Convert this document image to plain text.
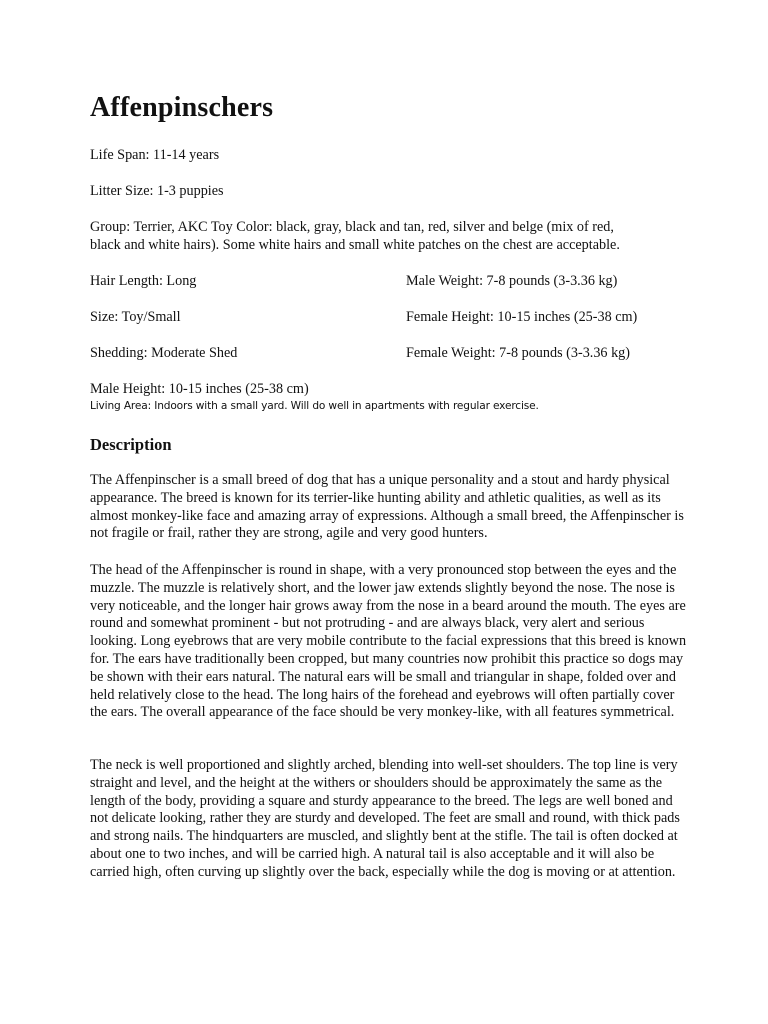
Affenpinschers

Life Span: 11-14 years

Litter Size: 1-3 puppies

Group: Terrier, AKC Toy Color: black, gray, black and tan, red, silver and belge (mix of red,

black and white hairs). Some white hairs and small white patches on the chest are acceptable.

Hair Length: Long	Male Weight: 7-8 pounds (3-3.36 kg)

Size: Toy/Small	Female Height: 10-15 inches (25-38 cm)

Shedding: Moderate Shed	Female Weight: 7-8 pounds (3-3.36 kg)

Male Height: 10-15 inches (25-38 cm)

Living Area: Indoors with a small yard. Will do well in apartments with regular exercise.

Description

The Affenpinscher is a small breed of dog that has a unique personality and a stout and hardy physical appearance. The breed is known for its terrier-like hunting ability and athletic qualities, as well as its almost monkey-like face and amazing array of expressions. Although a small breed, the Affenpinscher is not fragile or frail, rather they are strong, agile and very good hunters.

The head of the Affenpinscher is round in shape, with a very pronounced stop between the eyes and the muzzle. The muzzle is relatively short, and the lower jaw extends slightly beyond the nose. The nose is very noticeable, and the longer hair grows away from the nose in a beard around the mouth. The eyes are round and somewhat prominent - but not protruding - and are always black, very alert and serious looking. Long eyebrows that are very mobile contribute to the facial expressions that this breed is known for. The ears have traditionally been cropped, but many countries now prohibit this practice so dogs may be shown with their ears natural. The natural ears will be small and triangular in shape, folded over and held relatively close to the head. The long hairs of the forehead and eyebrows will often partially cover the ears. The overall appearance of the face should be very monkey-like, with all features symmetrical.

The neck is well proportioned and slightly arched, blending into well-set shoulders. The top line is very straight and level, and the height at the withers or shoulders should be approximately the same as the length of the body, providing a square and sturdy appearance to the breed. The legs are well boned and not delicate looking, rather they are sturdy and developed. The feet are small and round, with thick pads and strong nails. The hindquarters are muscled, and slightly bent at the stifle. The tail is often docked at about one to two inches, and will be carried high. A natural tail is also acceptable and it will also be carried high, often curving up slightly over the back, especially while the dog is moving or at attention.
